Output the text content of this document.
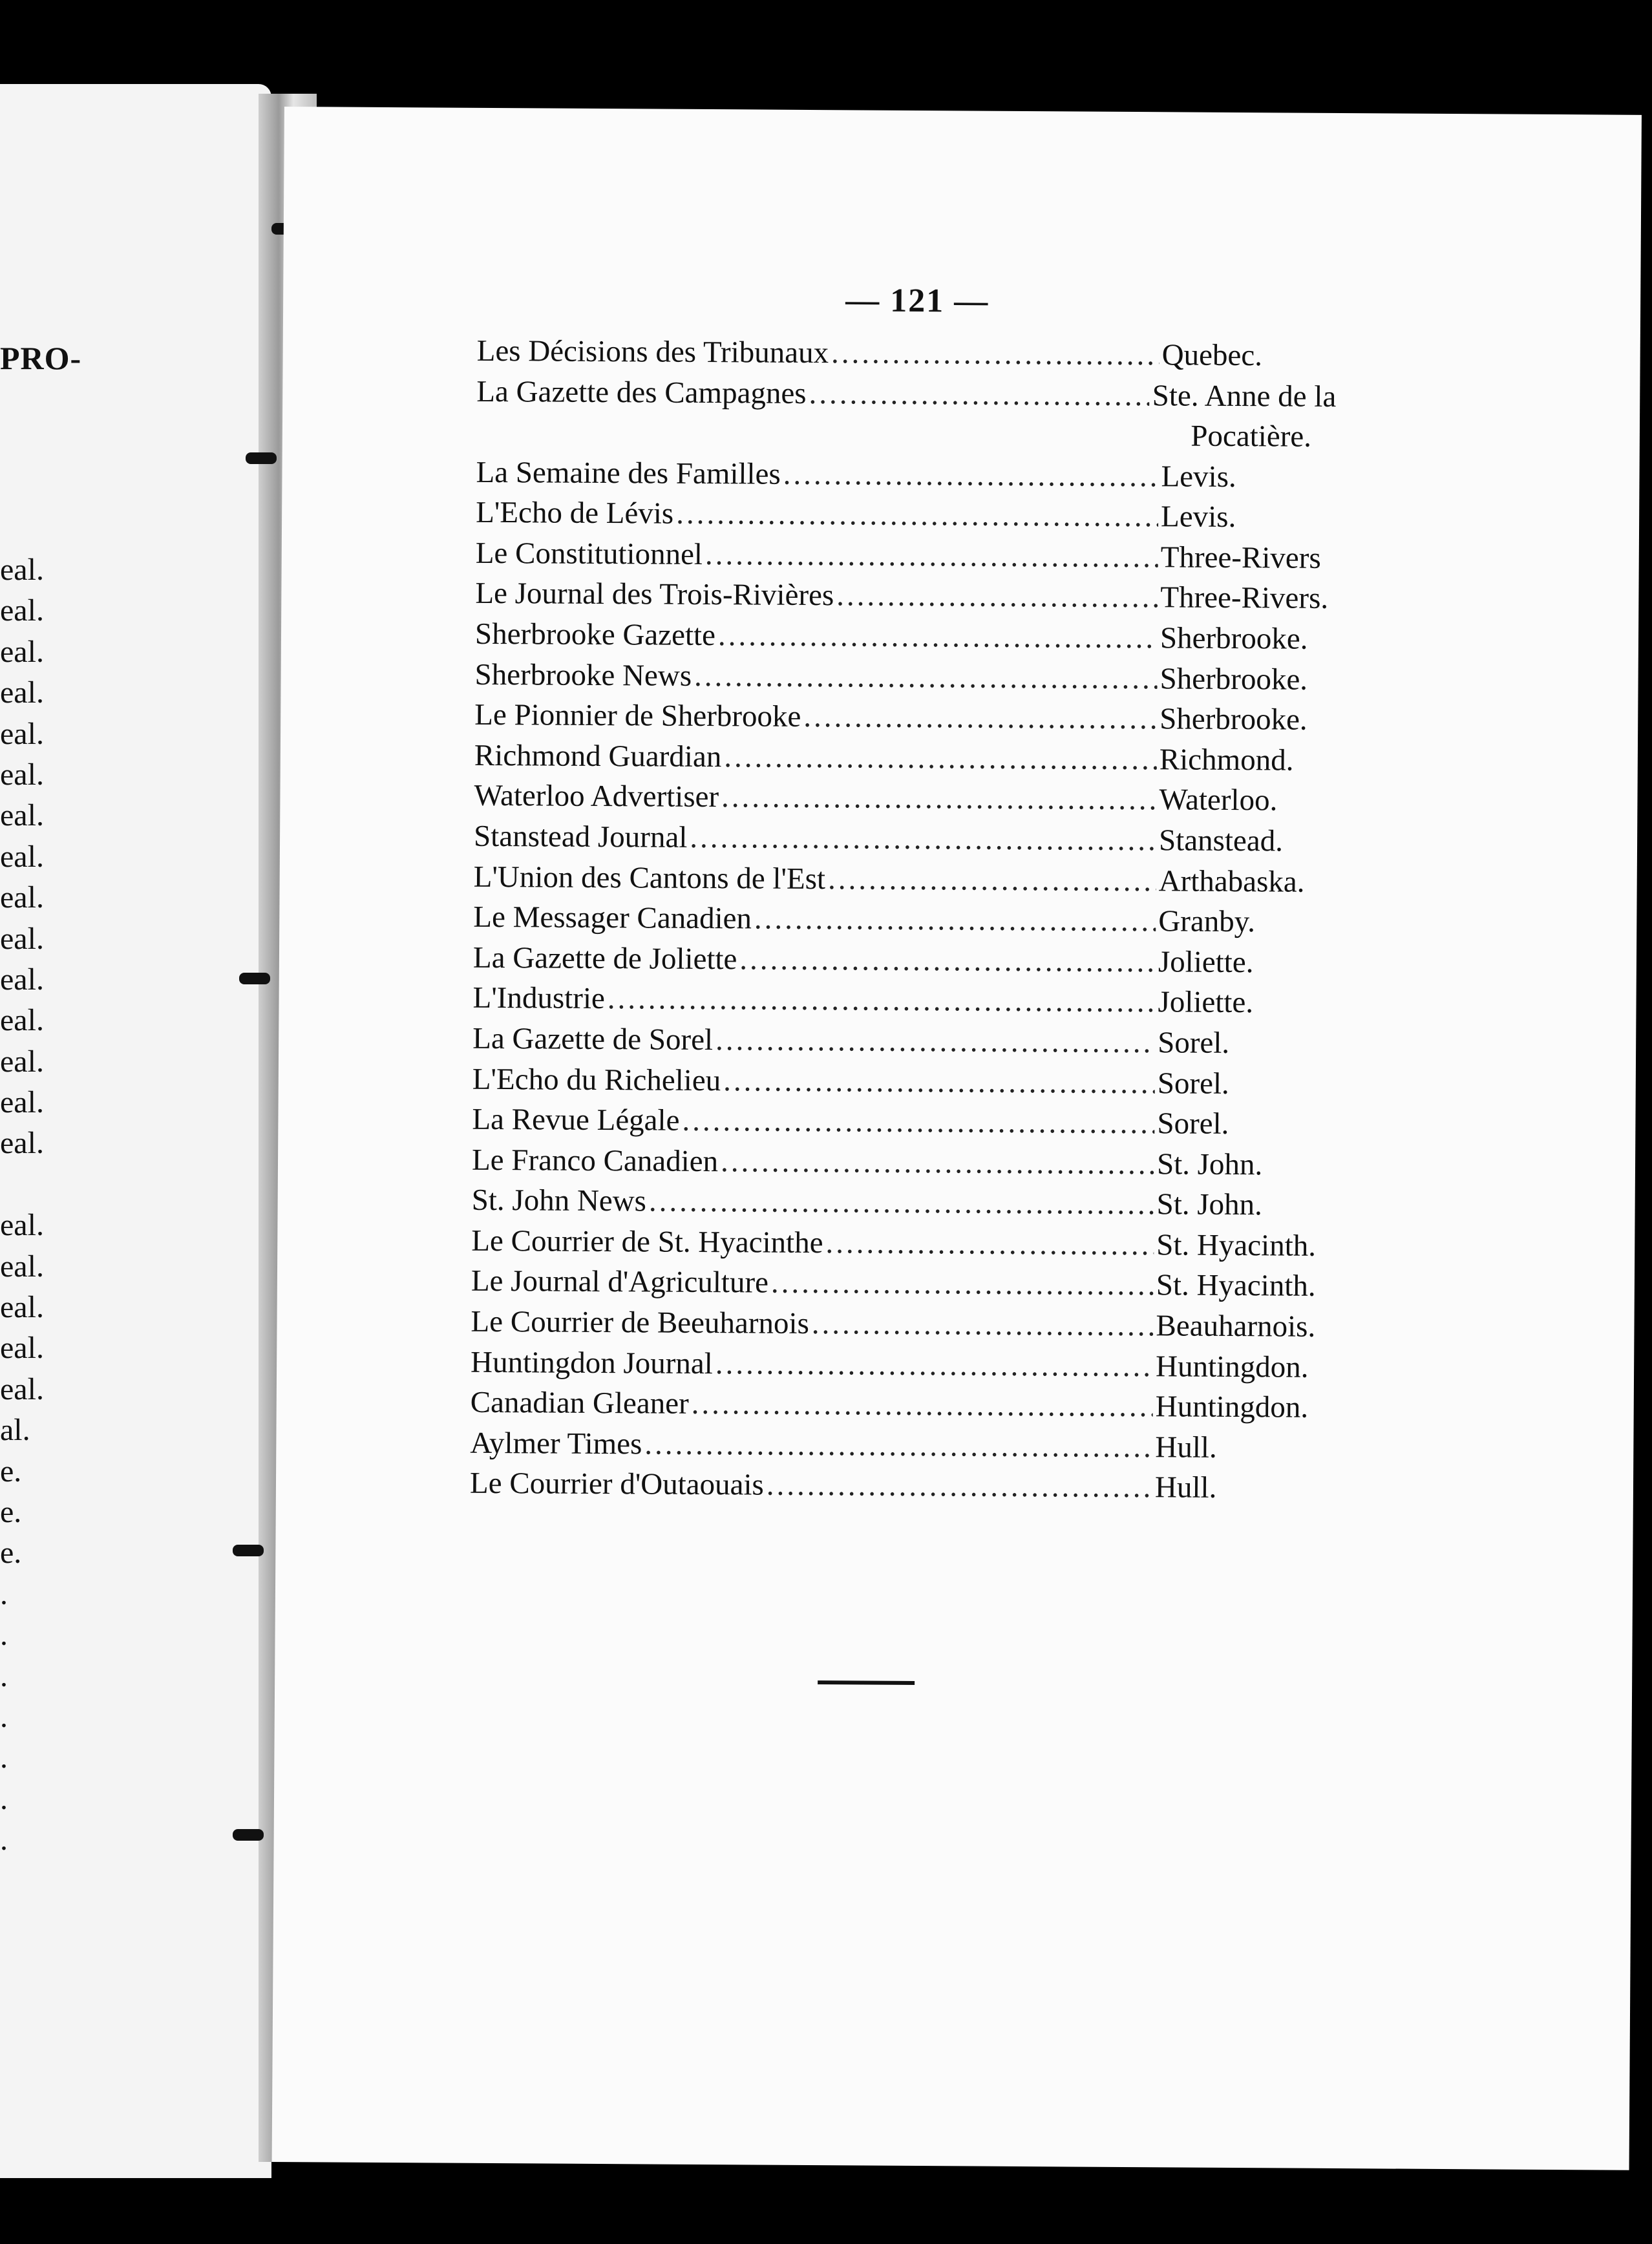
PRO-
eal.
eal.
eal.
eal.
eal.
eal.
eal.
eal.
eal.
eal.
eal.
eal.
eal.
eal.
eal.
eal.
eal.
eal.
eal.
eal.
al.
e.
e.
e.
.
.
.
.
.
.
.
— 121 —
Les Décisions des Tribunaux .....	Quebec.
La Gazette des Campagnes .....	Ste. Anne de la
Pocatière.
La Semaine des Familles .....	Levis.
L'Echo de Lévis .....	Levis.
Le Constitutionnel .....	Three-Rivers
Le Journal des Trois-Rivières .....	Three-Rivers.
Sherbrooke Gazette .....	Sherbrooke.
Sherbrooke News .....	Sherbrooke.
Le Pionnier de Sherbrooke .....	Sherbrooke.
Richmond Guardian .....	Richmond.
Waterloo Advertiser .....	Waterloo.
Stanstead Journal .....	Stanstead.
L'Union des Cantons de l'Est .....	Arthabaska.
Le Messager Canadien .....	Granby.
La Gazette de Joliette .....	Joliette.
L'Industrie .....	Joliette.
La Gazette de Sorel .....	Sorel.
L'Echo du Richelieu .....	Sorel.
La Revue Légale .....	Sorel.
Le Franco Canadien .....	St. John.
St. John News .....	St. John.
Le Courrier de St. Hyacinthe .....	St. Hyacinth.
Le Journal d'Agriculture .....	St. Hyacinth.
Le Courrier de Beeuharnois .....	Beauharnois.
Huntingdon Journal .....	Huntingdon.
Canadian Gleaner .....	Huntingdon.
Aylmer Times .....	Hull.
Le Courrier d'Outaouais .....	Hull.
